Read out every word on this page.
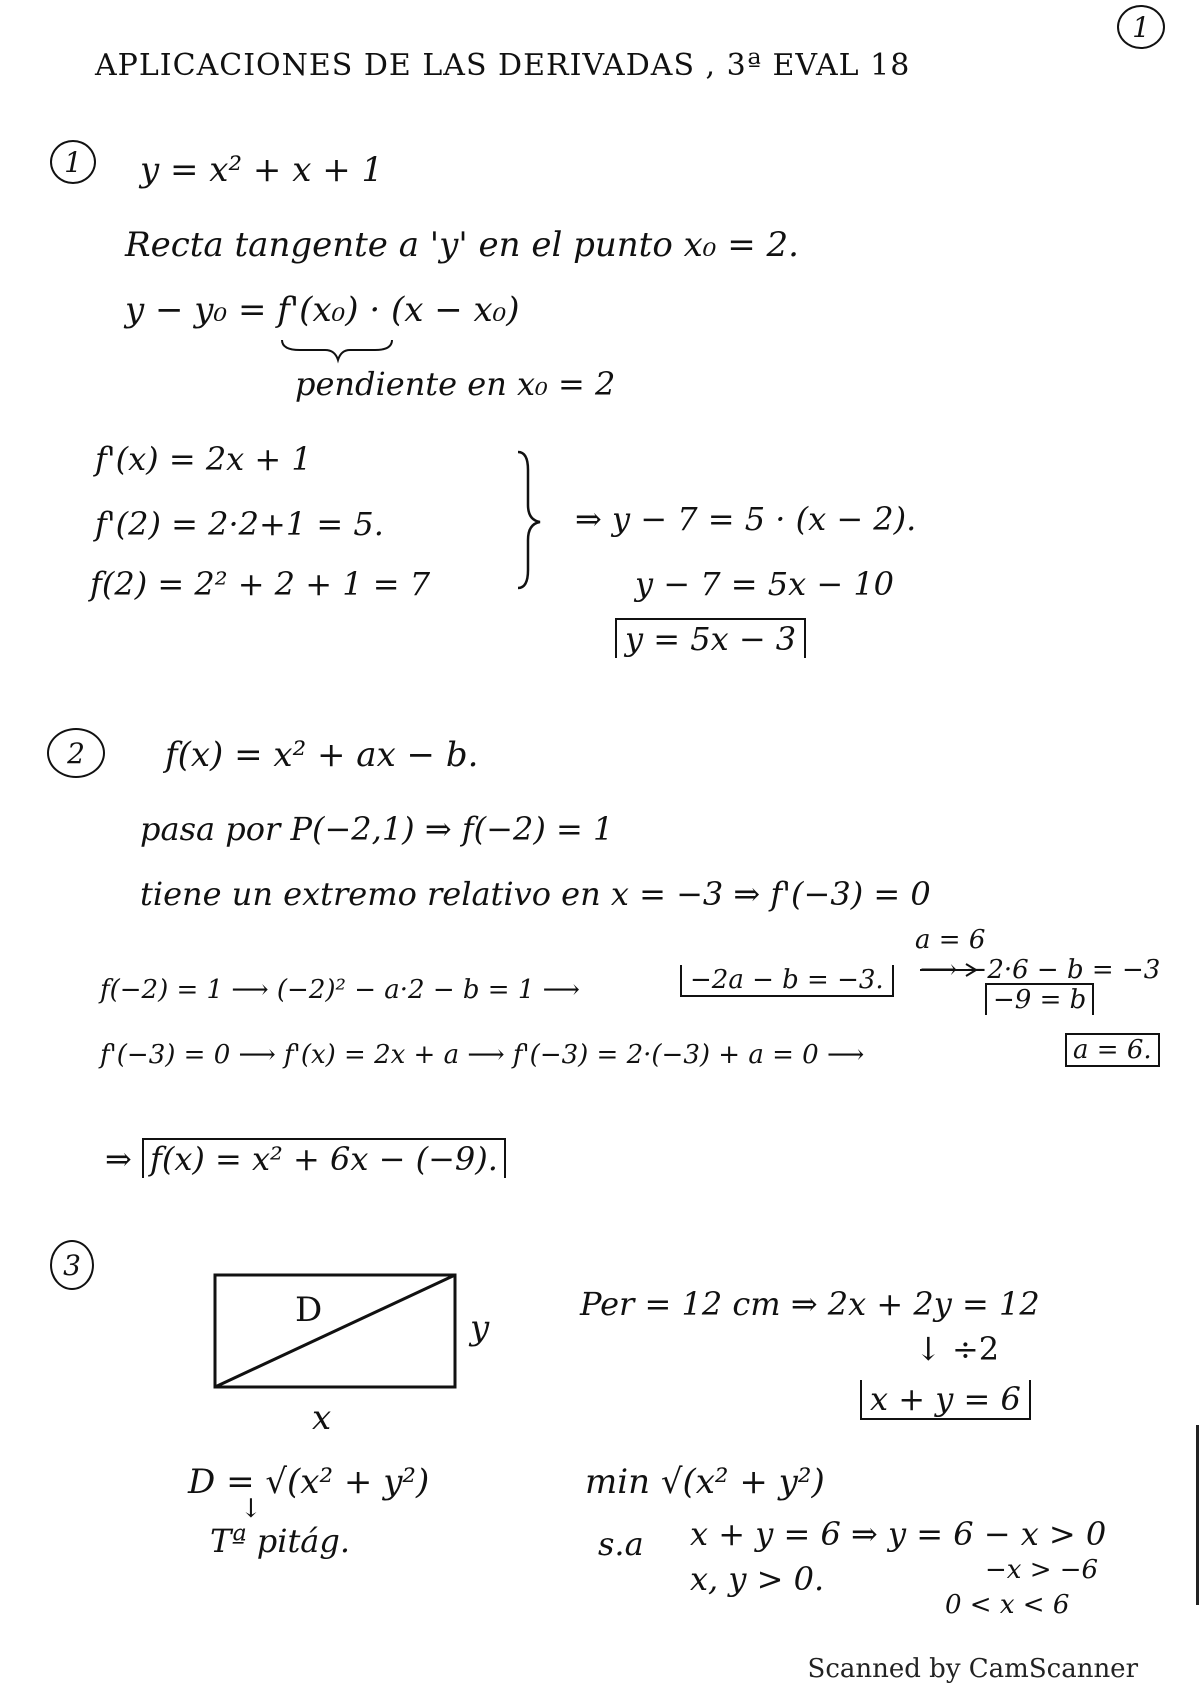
1
APLICACIONES DE LAS DERIVADAS , 3ª EVAL 18
1 y = x² + x + 1
Recta tangente a 'y' en el punto x₀ = 2.
y − y₀ = f'(x₀) · (x − x₀)
pendiente en x₀ = 2
f'(x) = 2x + 1
f'(2) = 2·2+1 = 5.
f(2) = 2² + 2 + 1 = 7
⇒ y − 7 = 5 · (x − 2).
y − 7 = 5x − 10
y = 5x − 3
2 f(x) = x² + ax − b.
pasa por P(−2,1) ⇒ f(−2) = 1
tiene un extremo relativo en x = −3 ⇒ f'(−3) = 0
a = 6
f(−2) = 1 ⟶ (−2)² − a·2 − b = 1 ⟶	−2a − b = −3.	⟶ −2·6 − b = −3
−9 = b
f'(−3) = 0 ⟶ f'(x) = 2x + a ⟶ f'(−3) = 2·(−3) + a = 0 ⟶	a = 6.
⇒ f(x) = x² + 6x − (−9).
3
D	y
x
Per = 12 cm ⇒ 2x + 2y = 12
↓ ÷2
x + y = 6
D = √(x² + y²)
↓
Tª pitág.
min √(x² + y²)
s.a x + y = 6 ⇒ y = 6 − x > 0
x, y > 0.	−x > −6
0 < x < 6
Scanned by CamScanner
